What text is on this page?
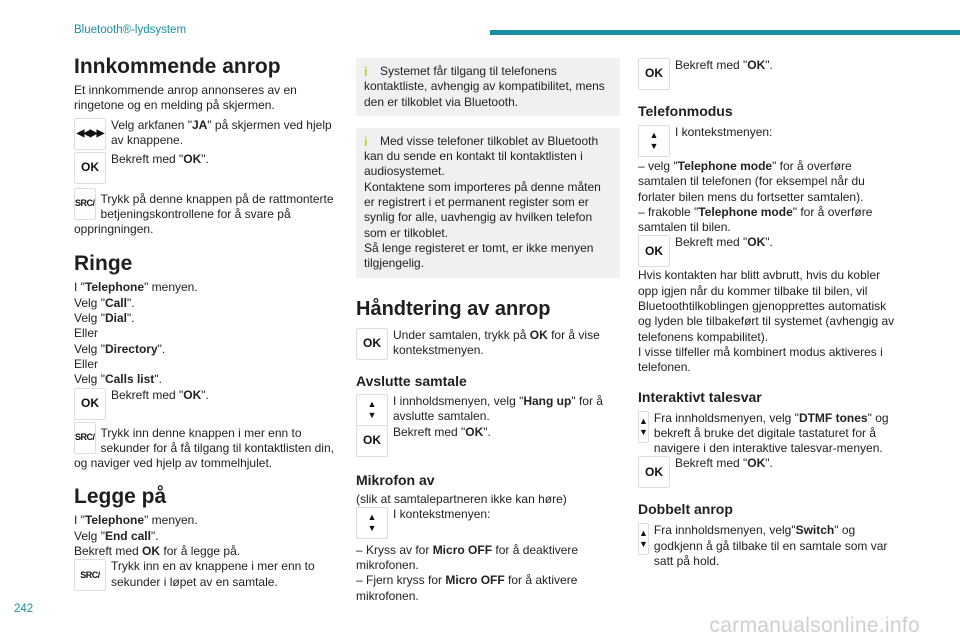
Bluetooth®-lydsystem
242
carmanualsonline.info
Innkommende anrop

Et innkommende anrop annonseres av en ringetone og en melding på skjermen.

◀◀▶▶

Velg arkfanen "JA" på skjermen ved hjelp av knappene.

OK

Bekreft med "OK".

SRC/ Trykk på denne knappen på de rattmonterte betjeningskontrollene for å svare på oppringningen.

Ringe

I "Telephone" menyen.

Velg "Call".

Velg "Dial".

Eller

Velg "Directory".

Eller

Velg "Calls list".

OK

Bekreft med "OK".

SRC/ Trykk inn denne knappen i mer enn to sekunder for å få tilgang til kontaktlisten din, og naviger ved hjelp av tommelhjulet.

Legge på

I "Telephone" menyen.

Velg "End call".

Bekreft med OK for å legge på.

SRC/

Trykk inn en av knappene i mer enn to sekunder i løpet av en samtale.

i	Systemet får tilgang til telefonens kontaktliste, avhengig av kompatibilitet, mens den er tilkoblet via Bluetooth.

i	Med visse telefoner tilkoblet av Bluetooth kan du sende en kontakt til kontaktlisten i audiosystemet.

Kontaktene som importeres på denne måten er registrert i et permanent register som er synlig for alle, uavhengig av hvilken telefon som er tilkoblet.

Så lenge registeret er tomt, er ikke menyen tilgjengelig.

Håndtering av anrop
OK

Under samtalen, trykk på OK for å vise kontekstmenyen.

Avslutte samtale
▲
▼

I innholdsmenyen, velg "Hang up" for å avslutte samtalen.

OK

Bekreft med "OK".

Mikrofon av

(slik at samtalepartneren ikke kan høre)

▲
▼

I kontekstmenyen:

– Kryss av for Micro OFF for å deaktivere mikrofonen.

– Fjern kryss for Micro OFF for å aktivere mikrofonen.

OK

Bekreft med "OK".

Telefonmodus
▲
▼

I kontekstmenyen:

– velg "Telephone mode" for å overføre samtalen til telefonen (for eksempel når du forlater bilen mens du fortsetter samtalen).

– frakoble "Telephone mode" for å overføre samtalen til bilen.

OK

Bekreft med "OK".

Hvis kontakten har blitt avbrutt, hvis du kobler opp igjen når du kommer tilbake til bilen, vil Bluetoothtilkoblingen gjenopprettes automatisk og lyden ble tilbakeført til systemet (avhengig av telefonens kompabilitet).

I visse tilfeller må kombinert modus aktiveres i telefonen.

Interaktivt talesvar
▲
▼

Fra innholdsmenyen, velg "DTMF tones" og bekreft å bruke det digitale tastaturet for å navigere i den interaktive talesvar-menyen.

OK

Bekreft med "OK".

Dobbelt anrop
▲
▼

Fra innholdsmenyen, velg"Switch" og godkjenn å gå tilbake til en samtale som var satt på hold.
